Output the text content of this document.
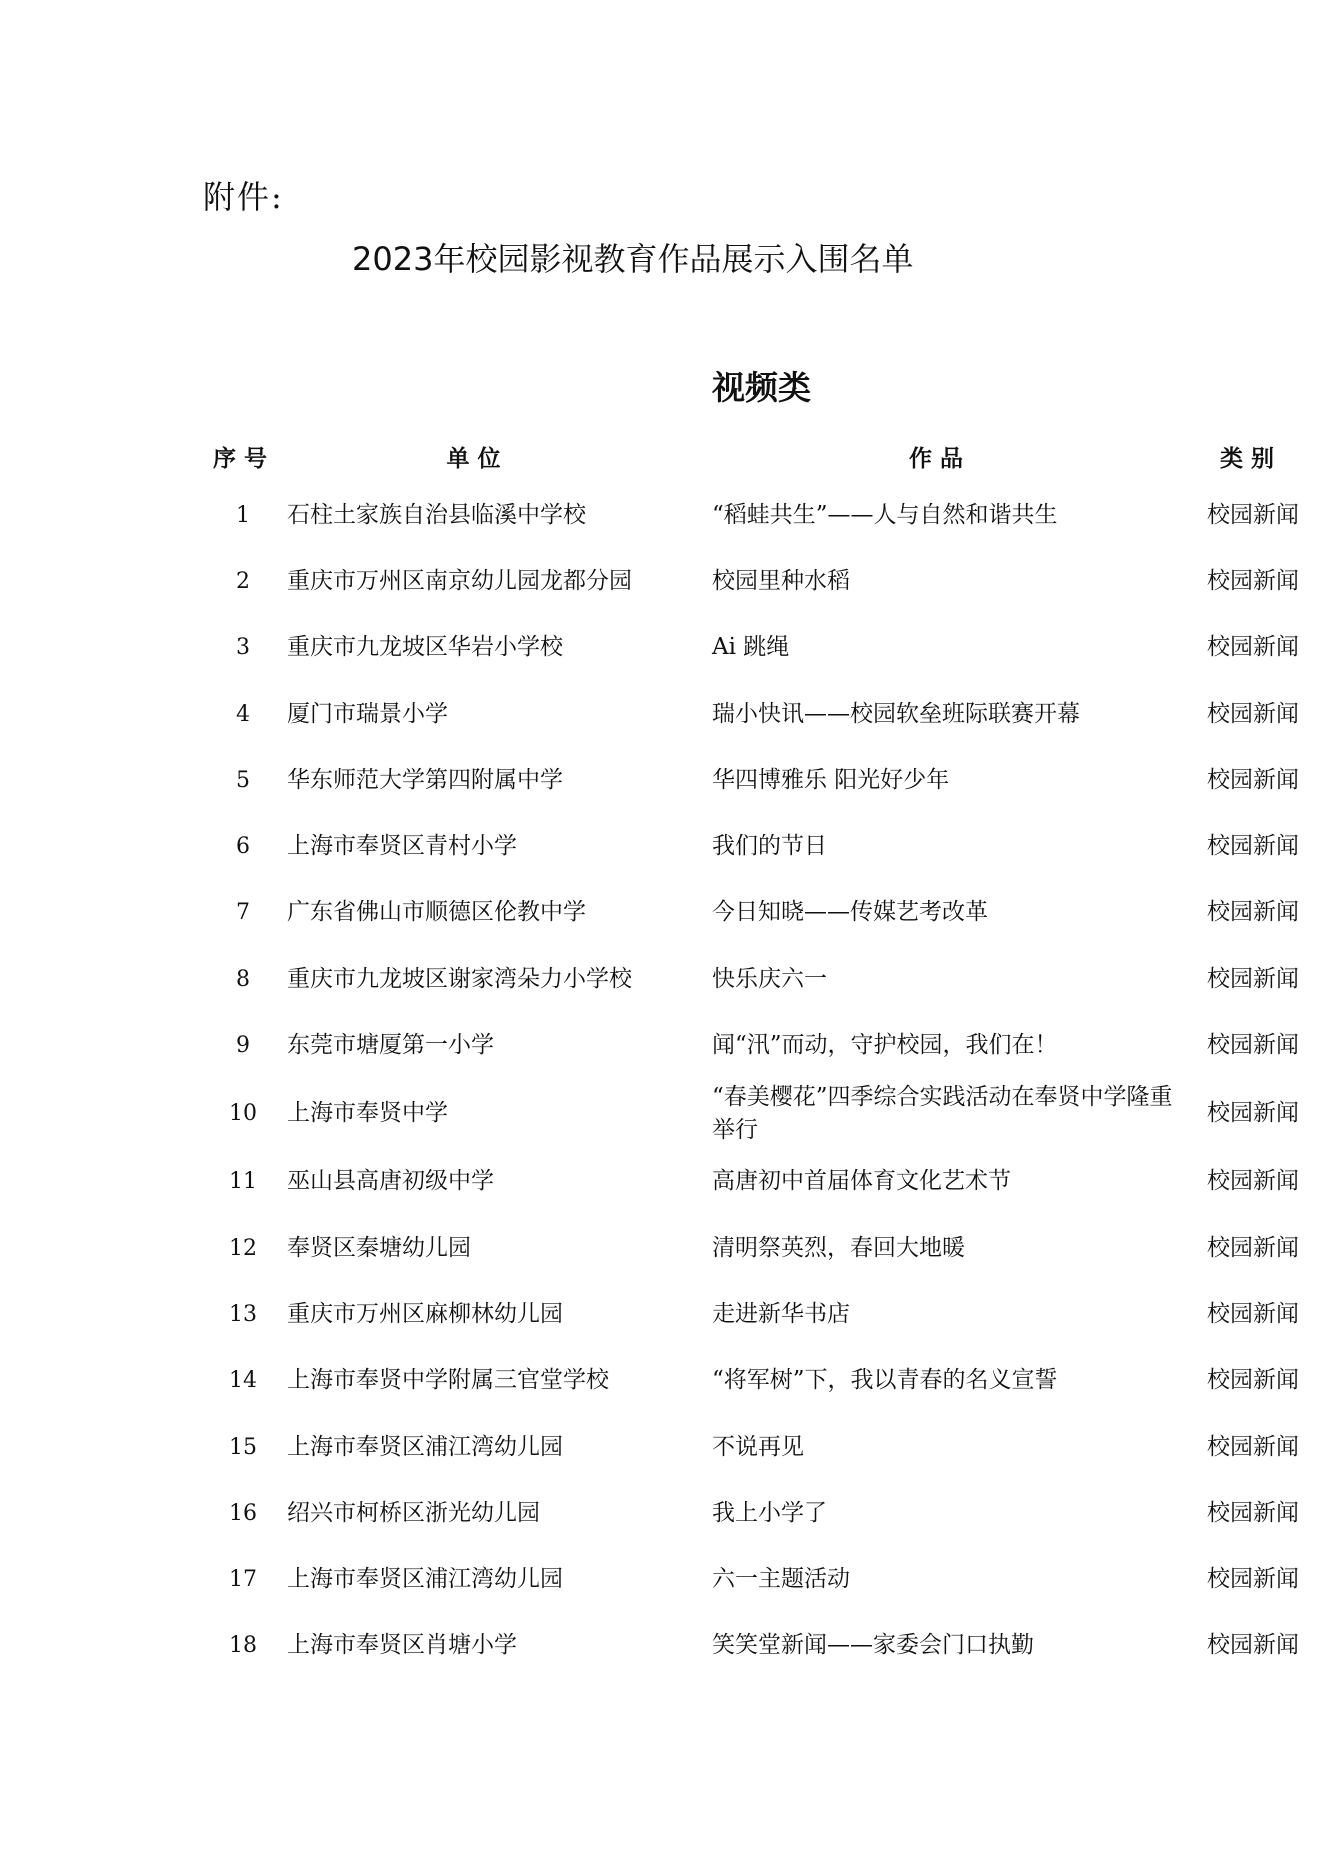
附件:
2023年校园影视教育作品展示入围名单
视频类
序号	单位	作品	类别
1	石柱土家族自治县临溪中学校	“稻蛙共生”——人与自然和谐共生	校园新闻
2	重庆市万州区南京幼儿园龙都分园	校园里种水稻	校园新闻
3	重庆市九龙坡区华岩小学校	Ai 跳绳	校园新闻
4	厦门市瑞景小学	瑞小快讯——校园软垒班际联赛开幕	校园新闻
5	华东师范大学第四附属中学	华四博雅乐 阳光好少年	校园新闻
6	上海市奉贤区青村小学	我们的节日	校园新闻
7	广东省佛山市顺德区伦教中学	今日知晓——传媒艺考改革	校园新闻
8	重庆市九龙坡区谢家湾朵力小学校	快乐庆六一	校园新闻
9	东莞市塘厦第一小学	闻“汛”而动，守护校园，我们在！	校园新闻
10	上海市奉贤中学	“春美樱花”四季综合实践活动在奉贤中学隆重举行	校园新闻
11	巫山县高唐初级中学	高唐初中首届体育文化艺术节	校园新闻
12	奉贤区秦塘幼儿园	清明祭英烈，春回大地暖	校园新闻
13	重庆市万州区麻柳林幼儿园	走进新华书店	校园新闻
14	上海市奉贤中学附属三官堂学校	“将军树”下，我以青春的名义宣誓	校园新闻
15	上海市奉贤区浦江湾幼儿园	不说再见	校园新闻
16	绍兴市柯桥区浙光幼儿园	我上小学了	校园新闻
17	上海市奉贤区浦江湾幼儿园	六一主题活动	校园新闻
18	上海市奉贤区肖塘小学	笑笑堂新闻——家委会门口执勤	校园新闻
